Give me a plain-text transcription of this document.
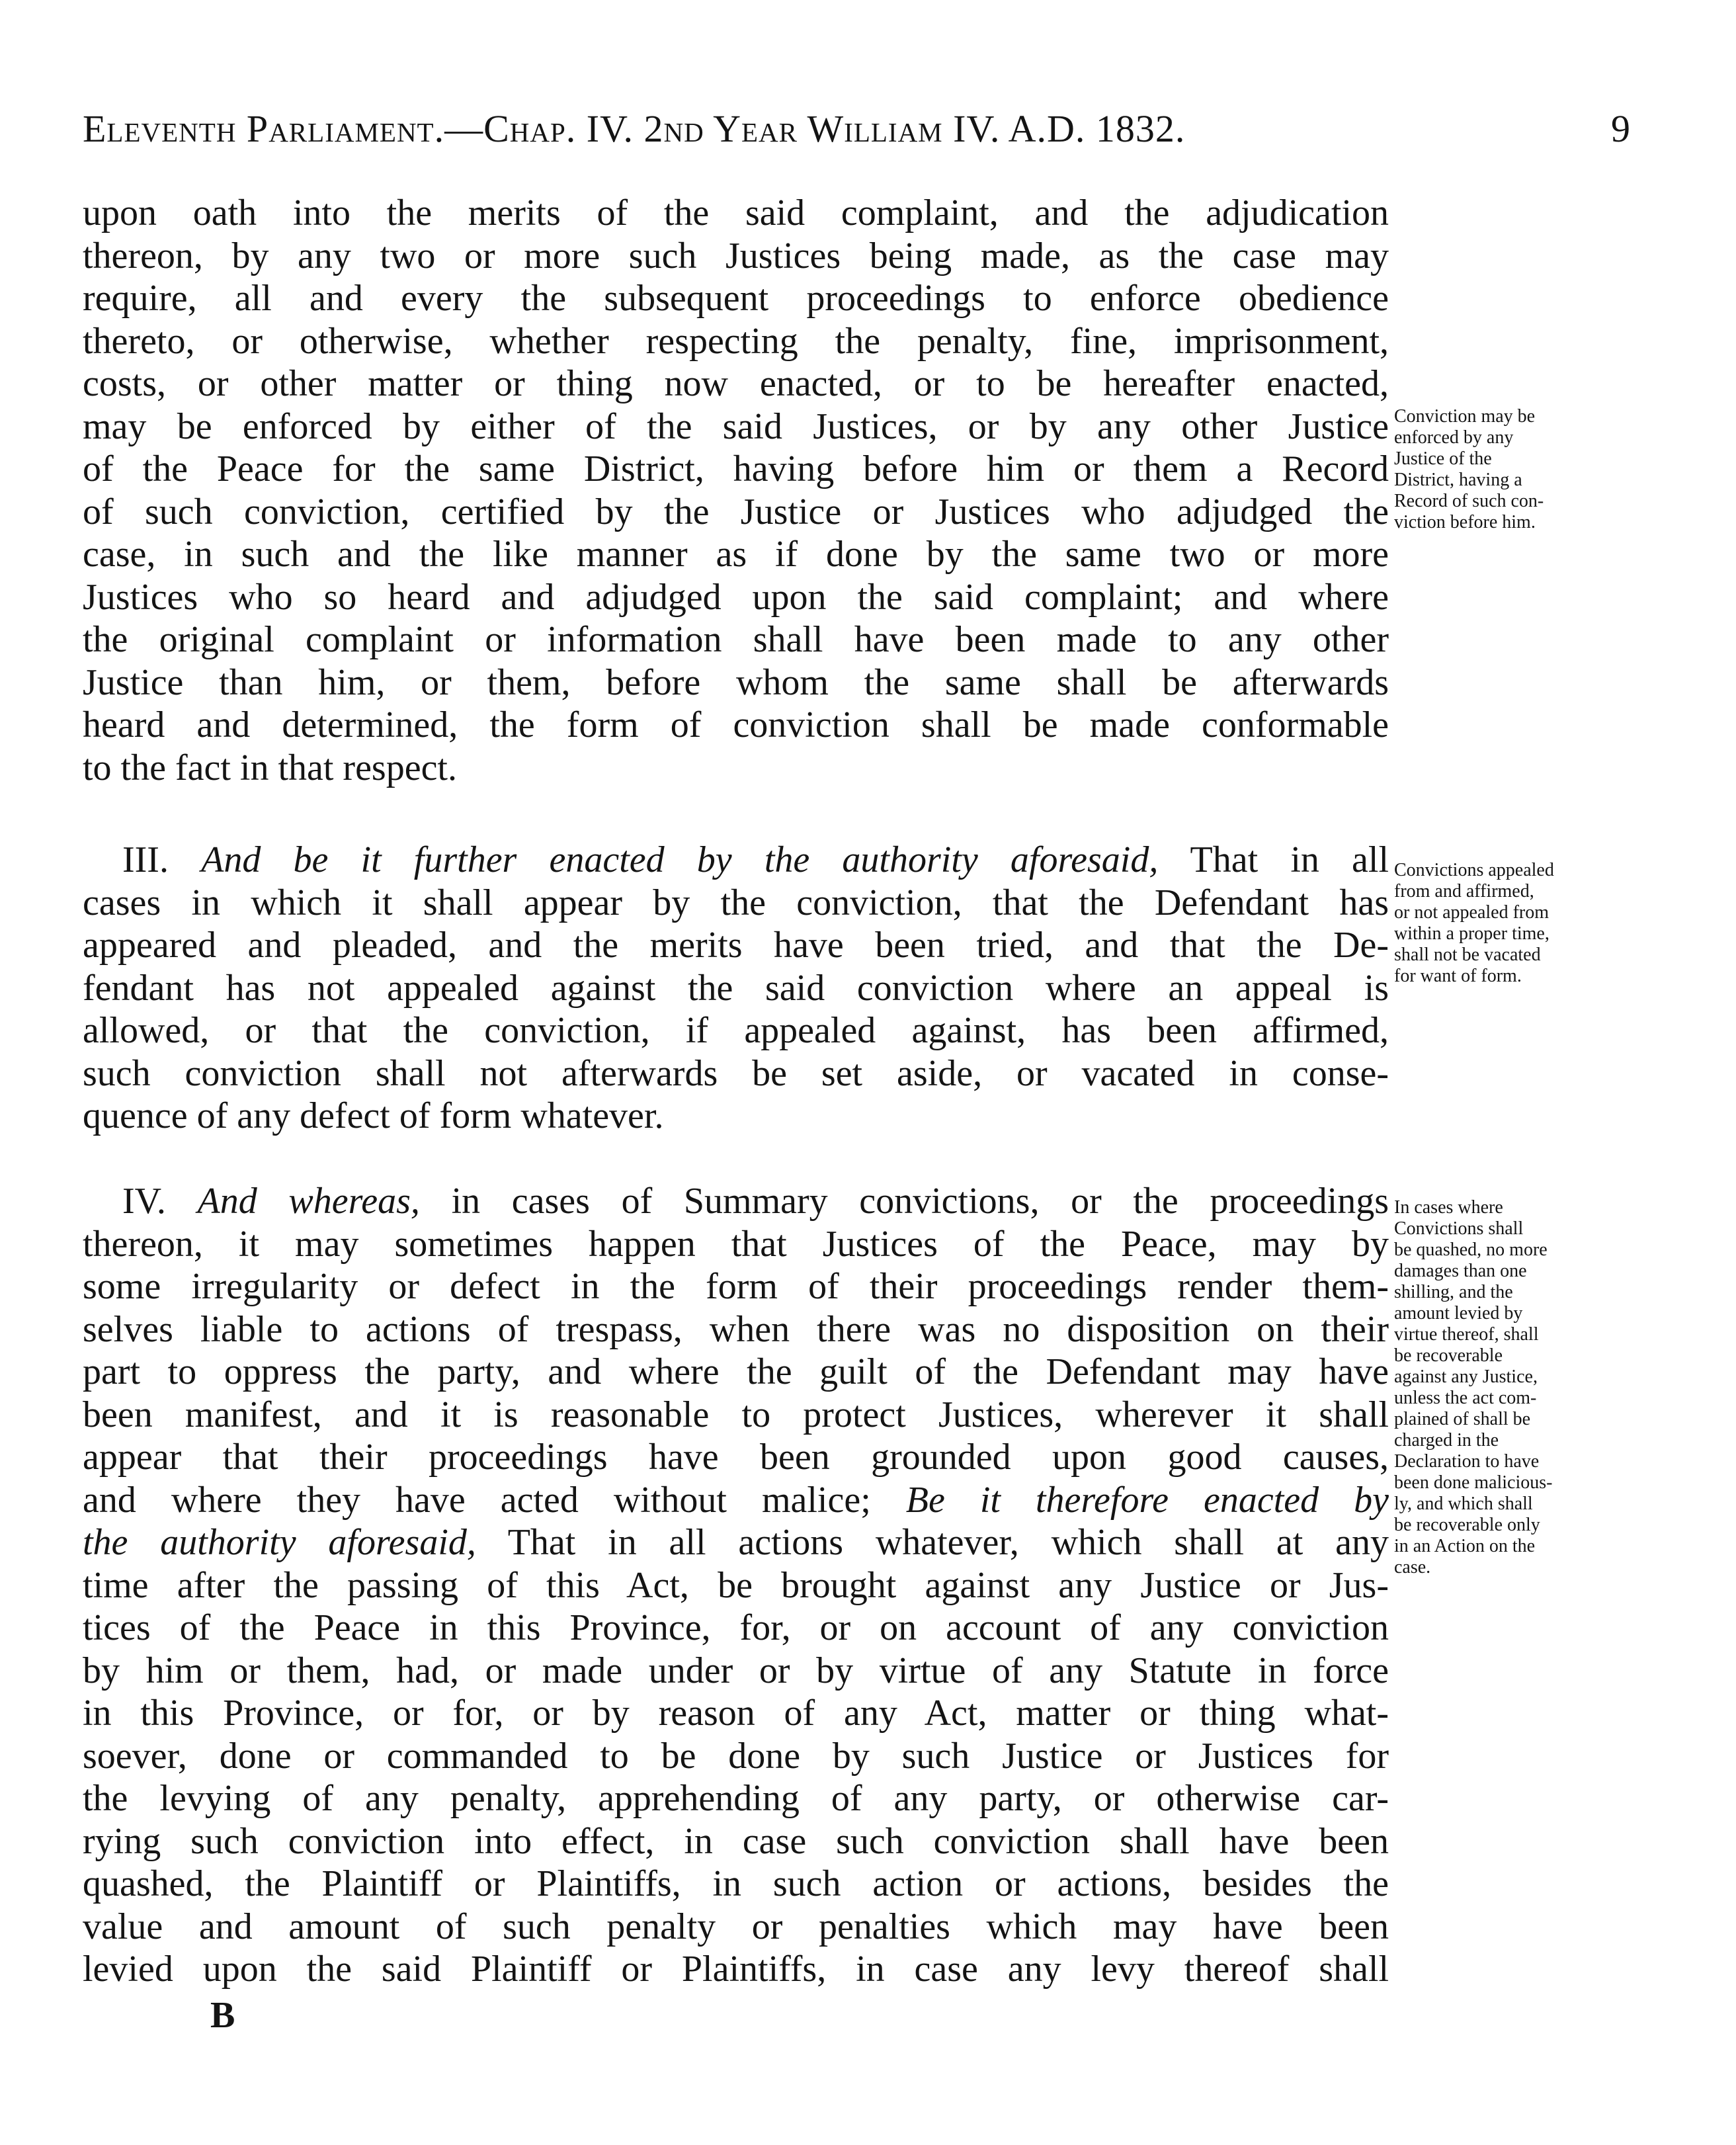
Eleventh Parliament.—Chap. IV. 2nd Year William IV. A.D. 1832.	9
upon oath into the merits of the said complaint, and the adjudication
thereon, by any two or more such Justices being made, as the case may
require, all and every the subsequent proceedings to enforce obedience
thereto, or otherwise, whether respecting the penalty, fine, imprisonment,
costs, or other matter or thing now enacted, or to be hereafter enacted,
may be enforced by either of the said Justices, or by any other Justice
of the Peace for the same District, having before him or them a Record
of such conviction, certified by the Justice or Justices who adjudged the
case, in such and the like manner as if done by the same two or more
Justices who so heard and adjudged upon the said complaint; and where
the original complaint or information shall have been made to any other
Justice than him, or them, before whom the same shall be afterwards
heard and determined, the form of conviction shall be made conformable
to the fact in that respect.
Conviction may be
enforced by any
Justice of the
District, having a
Record of such con-
viction before him.
III. And be it further enacted by the authority aforesaid, That in all
cases in which it shall appear by the conviction, that the Defendant has
appeared and pleaded, and the merits have been tried, and that the De-
fendant has not appealed against the said conviction where an appeal is
allowed, or that the conviction, if appealed against, has been affirmed,
such conviction shall not afterwards be set aside, or vacated in conse-
quence of any defect of form whatever.
Convictions appealed
from and affirmed,
or not appealed from
within a proper time,
shall not be vacated
for want of form.
IV. And whereas, in cases of Summary convictions, or the proceedings
thereon, it may sometimes happen that Justices of the Peace, may by
some irregularity or defect in the form of their proceedings render them-
selves liable to actions of trespass, when there was no disposition on their
part to oppress the party, and where the guilt of the Defendant may have
been manifest, and it is reasonable to protect Justices, wherever it shall
appear that their proceedings have been grounded upon good causes,
and where they have acted without malice; Be it therefore enacted by
the authority aforesaid, That in all actions whatever, which shall at any
time after the passing of this Act, be brought against any Justice or Jus-
tices of the Peace in this Province, for, or on account of any conviction
by him or them, had, or made under or by virtue of any Statute in force
in this Province, or for, or by reason of any Act, matter or thing what-
soever, done or commanded to be done by such Justice or Justices for
the levying of any penalty, apprehending of any party, or otherwise car-
rying such conviction into effect, in case such conviction shall have been
quashed, the Plaintiff or Plaintiffs, in such action or actions, besides the
value and amount of such penalty or penalties which may have been
levied upon the said Plaintiff or Plaintiffs, in case any levy thereof shall
In cases where
Convictions shall
be quashed, no more
damages than one
shilling, and the
amount levied by
virtue thereof, shall
be recoverable
against any Justice,
unless the act com-
plained of shall be
charged in the
Declaration to have
been done malicious-
ly, and which shall
be recoverable only
in an Action on the
case.
B
